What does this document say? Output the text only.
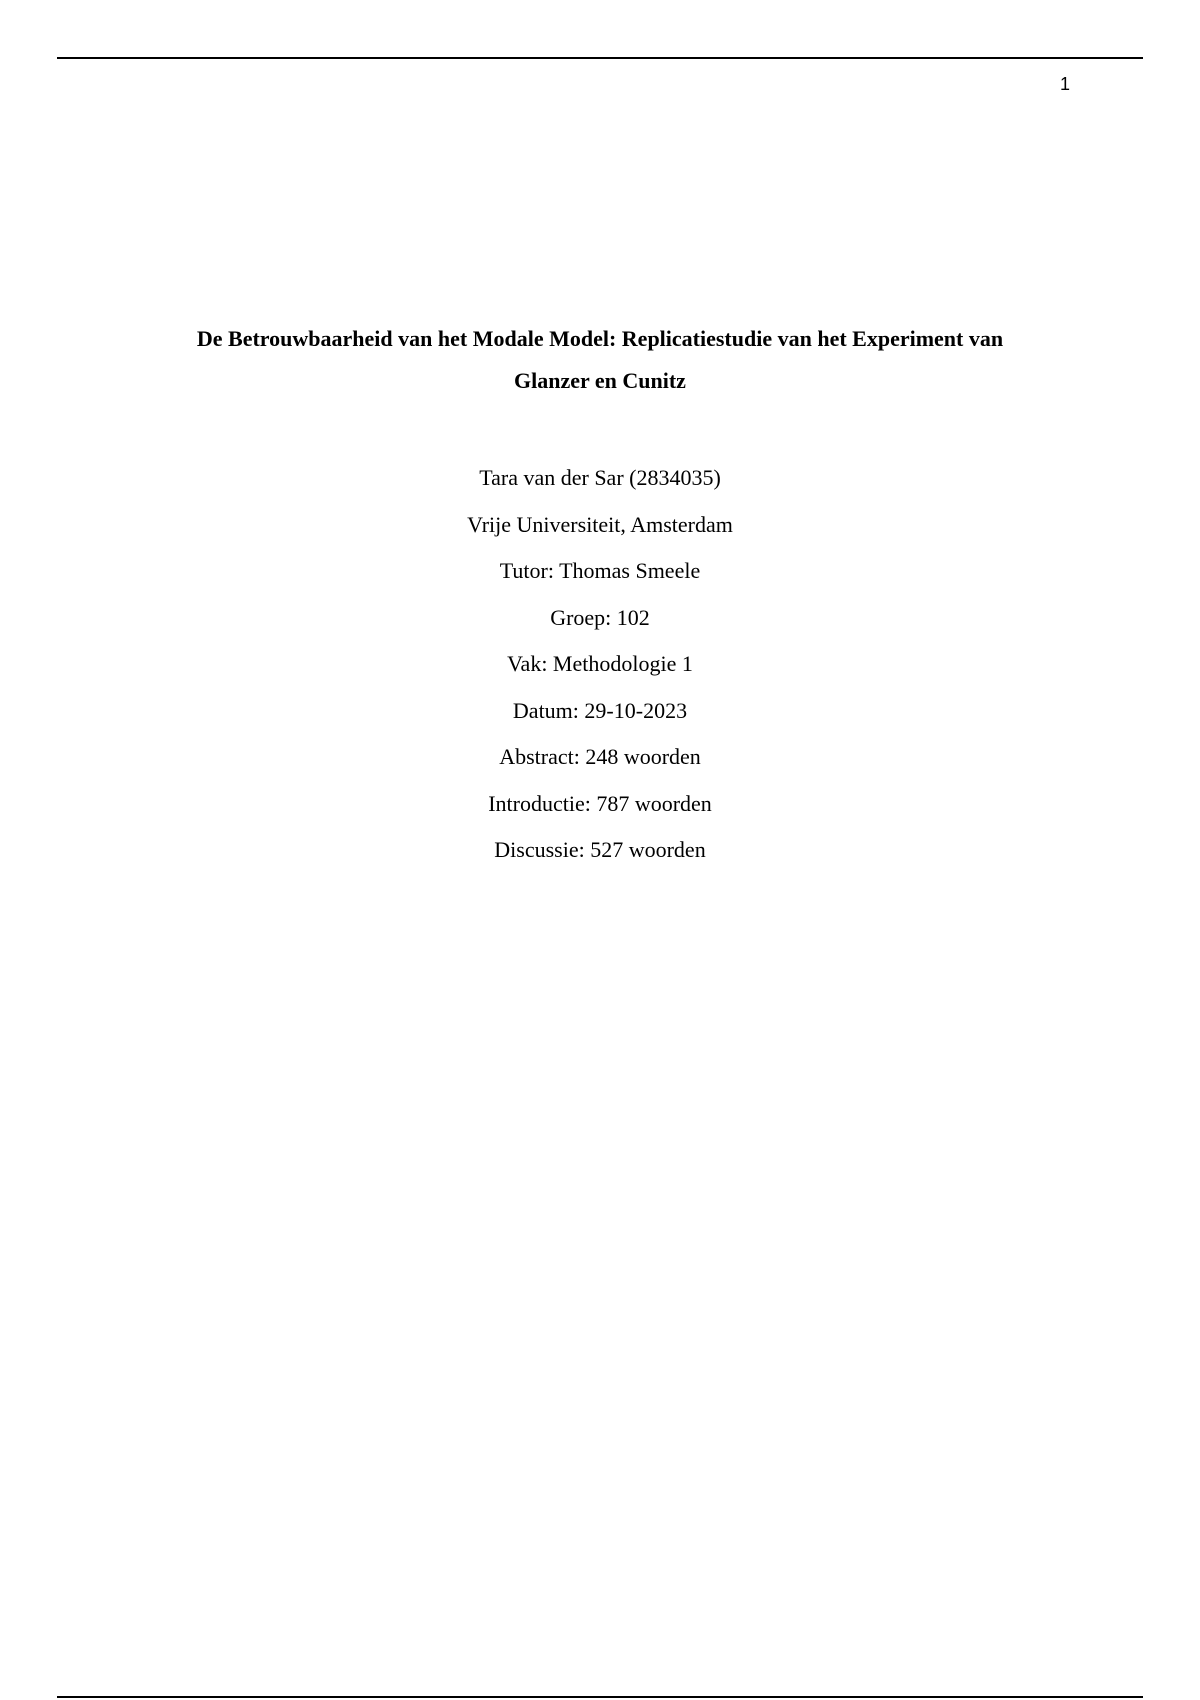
1
De Betrouwbaarheid van het Modale Model: Replicatiestudie van het Experiment van
Glanzer en Cunitz

Tara van der Sar (2834035)

Vrije Universiteit, Amsterdam

Tutor: Thomas Smeele

Groep: 102

Vak: Methodologie 1

Datum: 29-10-2023

Abstract: 248 woorden

Introductie: 787 woorden

Discussie: 527 woorden
